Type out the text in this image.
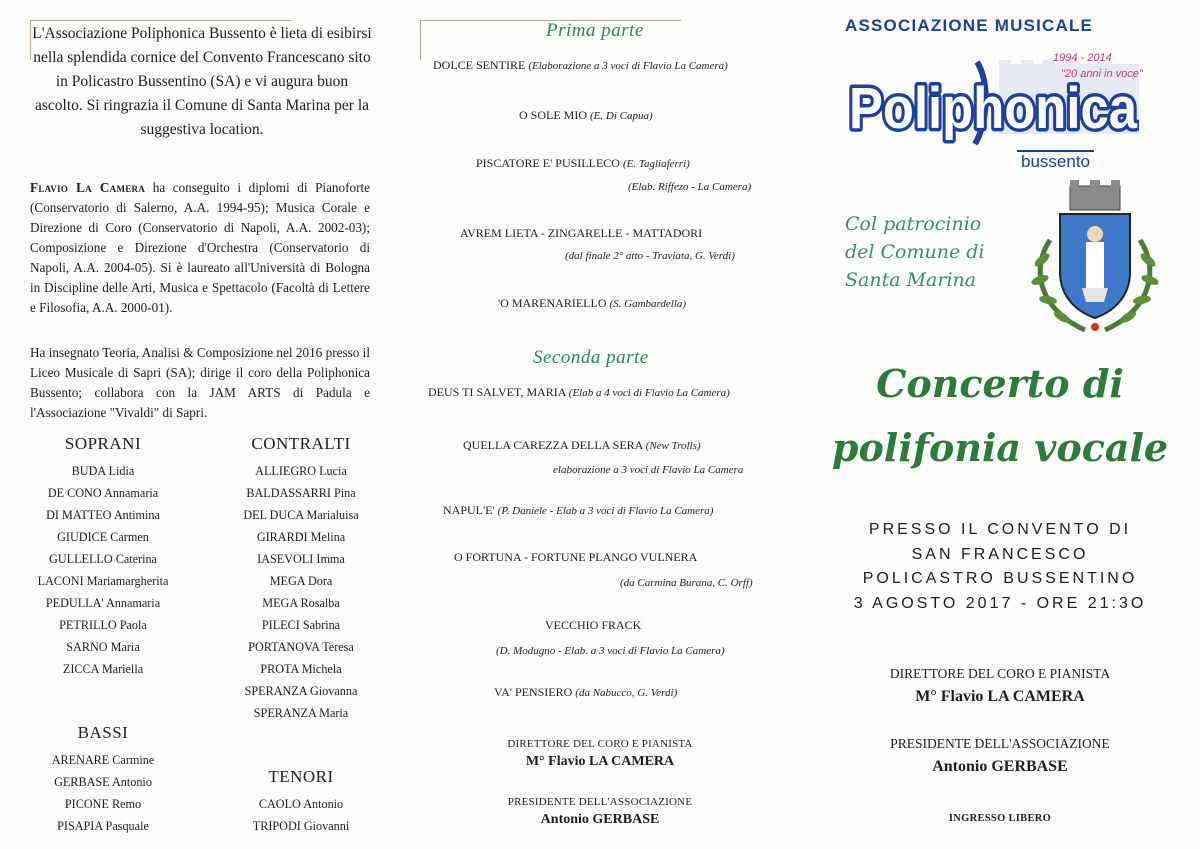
L'Associazione Poliphonica Bussento è lieta di esibirsi nella splendida cornice del Convento Francescano sito in Policastro Bussentino (SA) e vi augura buon ascolto. Si ringrazia il Comune di Santa Marina per la suggestiva location.
Flavio La Camera ha conseguito i diplomi di Pianoforte (Conservatorio di Salerno, A.A. 1994-95); Musica Corale e Direzione di Coro (Conservatorio di Napoli, A.A. 2002-03); Composizione e Direzione d'Orchestra (Conservatorio di Napoli, A.A. 2004-05). Si è laureato all'Università di Bologna in Discipline delle Arti, Musica e Spettacolo (Facoltà di Lettere e Filosofia, A.A. 2000-01).
Ha insegnato Teoria, Analisi & Composizione nel 2016 presso il Liceo Musicale di Sapri (SA); dirige il coro della Poliphonica Bussento; collabora con la JAM ARTS di Padula e l'Associazione "Vivaldi" di Sapri.
SOPRANI
BUDA Lidia
DE CONO Annamaria
DI MATTEO Antimina
GIUDICE Carmen
GULLELLO Caterina
LACONI Mariamargherita
PEDULLA' Annamaria
PETRILLO Paola
SARNO Maria
ZICCA Mariella
CONTRALTI
ALLIEGRO Lucia
BALDASSARRI Pina
DEL DUCA Marialuisa
GIRARDI Melina
IASEVOLI Imma
MEGA Dora
MEGA Rosalba
PILECI Sabrina
PORTANOVA Teresa
PROTA Michela
SPERANZA Giovanna
SPERANZA Maria
BASSI
ARENARE Carmine
GERBASE Antonio
PICONE Remo
PISAPIA Pasquale
TENORI
CAOLO Antonio
TRIPODI Giovanni
Prima parte
DOLCE SENTIRE (Elaborazione a 3 voci di Flavio La Camera)
O SOLE MIO (E. Di Capua)
PISCATORE E' PUSILLECO (E. Tagliaferri)
(Elab. Riffezo - La Camera)
AVREM LIETA - ZINGARELLE - MATTADORI
(dal finale 2° atto - Traviata, G. Verdi)
'O MARENARIELLO (S. Gambardella)
Seconda parte
DEUS TI SALVET, MARIA (Elab a 4 voci di Flavio La Camera)
QUELLA CAREZZA DELLA SERA (New Trolls)
elaborazione a 3 voci di Flavio La Camera
NAPUL'E' (P. Daniele - Elab a 3 voci di Flavio La Camera)
O FORTUNA - FORTUNE PLANGO VULNERA
(da Carmina Burana, C. Orff)
VECCHIO FRACK
(D. Modugno - Elab. a 3 voci di Flavio La Camera)
VA' PENSIERO (da Nabucco, G. Verdi)
DIRETTORE DEL CORO E PIANISTA
M° Flavio LA CAMERA
PRESIDENTE DELL'ASSOCIAZIONE
Antonio GERBASE
ASSOCIAZIONE MUSICALE
Poliphonica
Poliphonica
1994 - 2014
"20 anni in voce"
bussento
Col patrocinio
del Comune di
Santa Marina
Concerto di
polifonia vocale
PRESSO IL CONVENTO DI
SAN FRANCESCO
POLICASTRO BUSSENTINO
3 AGOSTO 2017 - ORE 21:3O
DIRETTORE DEL CORO E PIANISTA
M° Flavio LA CAMERA
PRESIDENTE DELL'ASSOCIAZIONE
Antonio GERBASE
INGRESSO LIBERO
